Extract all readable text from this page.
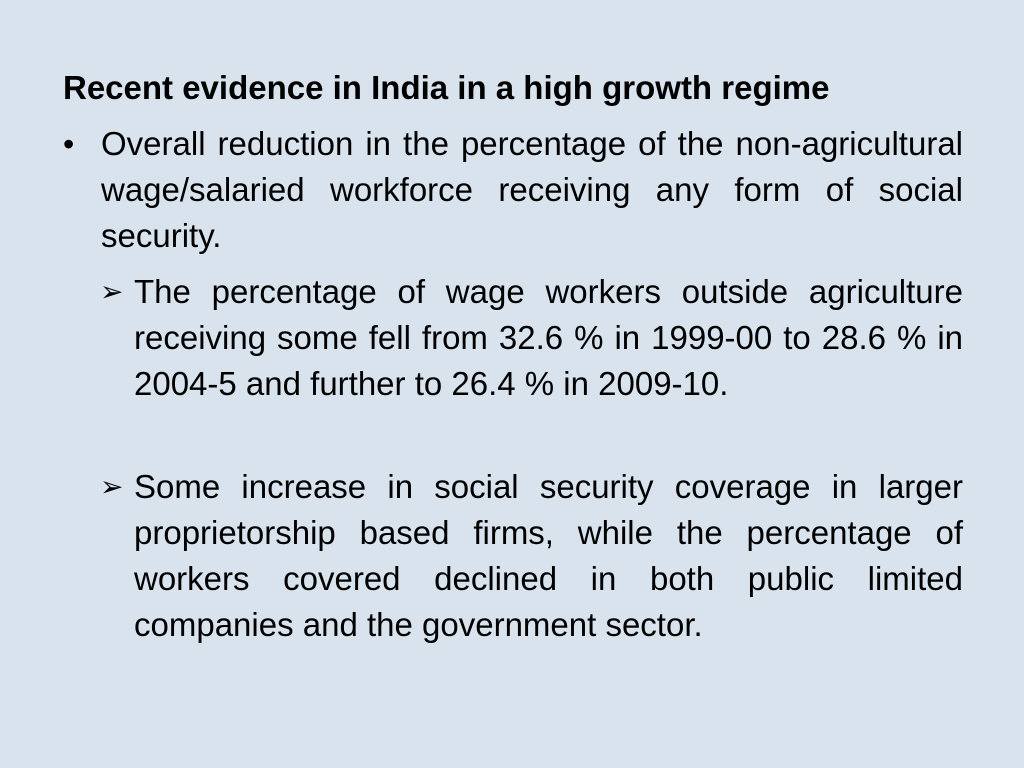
Recent evidence in India in a high growth regime
• Overall reduction in the percentage of the non-agricultural wage/salaried workforce receiving any form of social security.
➢ The percentage of wage workers outside agriculture receiving some fell from 32.6 % in 1999-00 to 28.6 % in 2004-5 and further to 26.4 % in 2009-10.
➢ Some increase in social security coverage in larger proprietorship based firms, while the percentage of workers covered declined in both public limited companies and the government sector.
